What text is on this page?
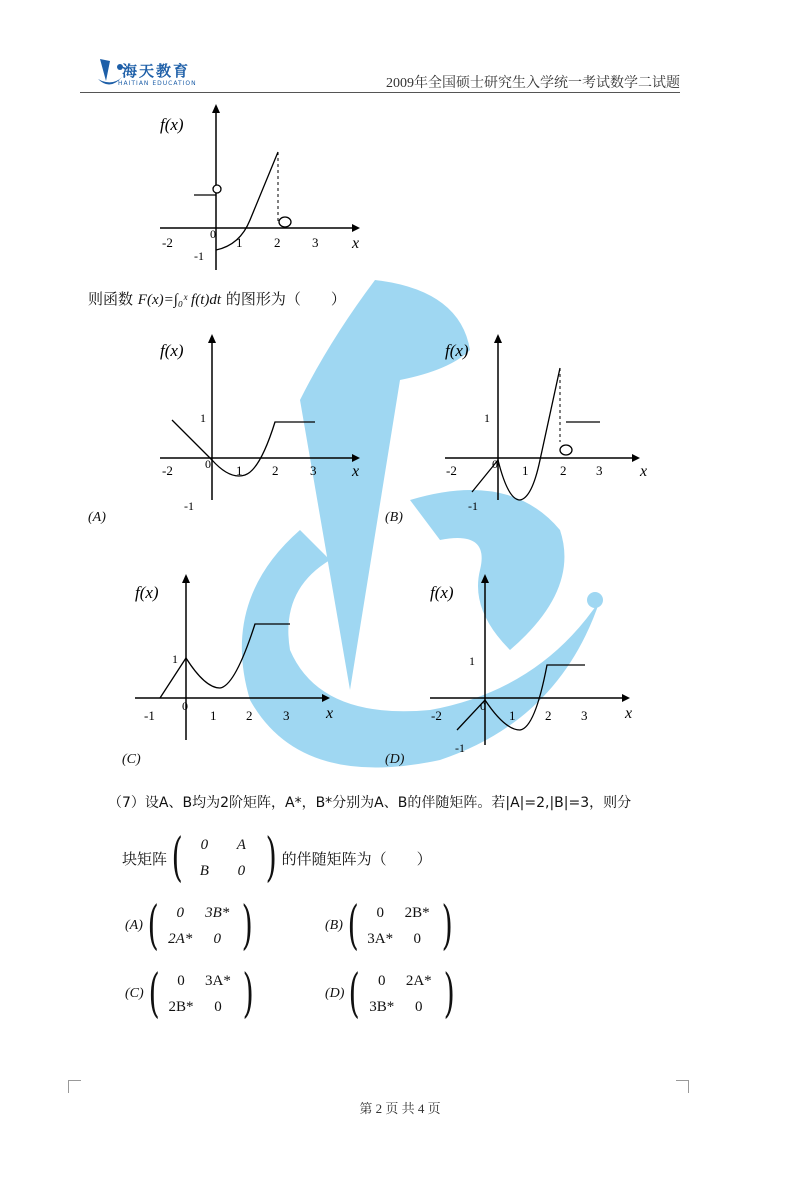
海天教育
HAITIAN EDUCATION	2009年全国硕士研究生入学统一考试数学二试题
f(x)
x
-2
0
-1
1 2 3
则函数 F(x)=∫₀ˣ f(t)dt 的图形为（　　）
f(x)
x
1
-1
-2	0 1 2 3
(A)
f(x)
x
1
-1
-2	0 1 2 3
(B)
f(x)
x
1
-1
0
1 2 3
(C)
f(x)
x
1
-1
-2
0
1 2 3
(D)
（7）设A、B均为2阶矩阵，A*，B*分别为A、B的伴随矩阵。若|A|=2,|B|=3，则分
块矩阵 ( 0 A
B 0 ) 的伴随矩阵为（　　）
(A) ( 0 3B*
2A* 0 )	(B) ( 0 2B*
3A* 0 )
(C) ( 0 3A*
2B* 0 )	(D) ( 0 2A*
3B* 0 )
第 2 页 共 4 页
